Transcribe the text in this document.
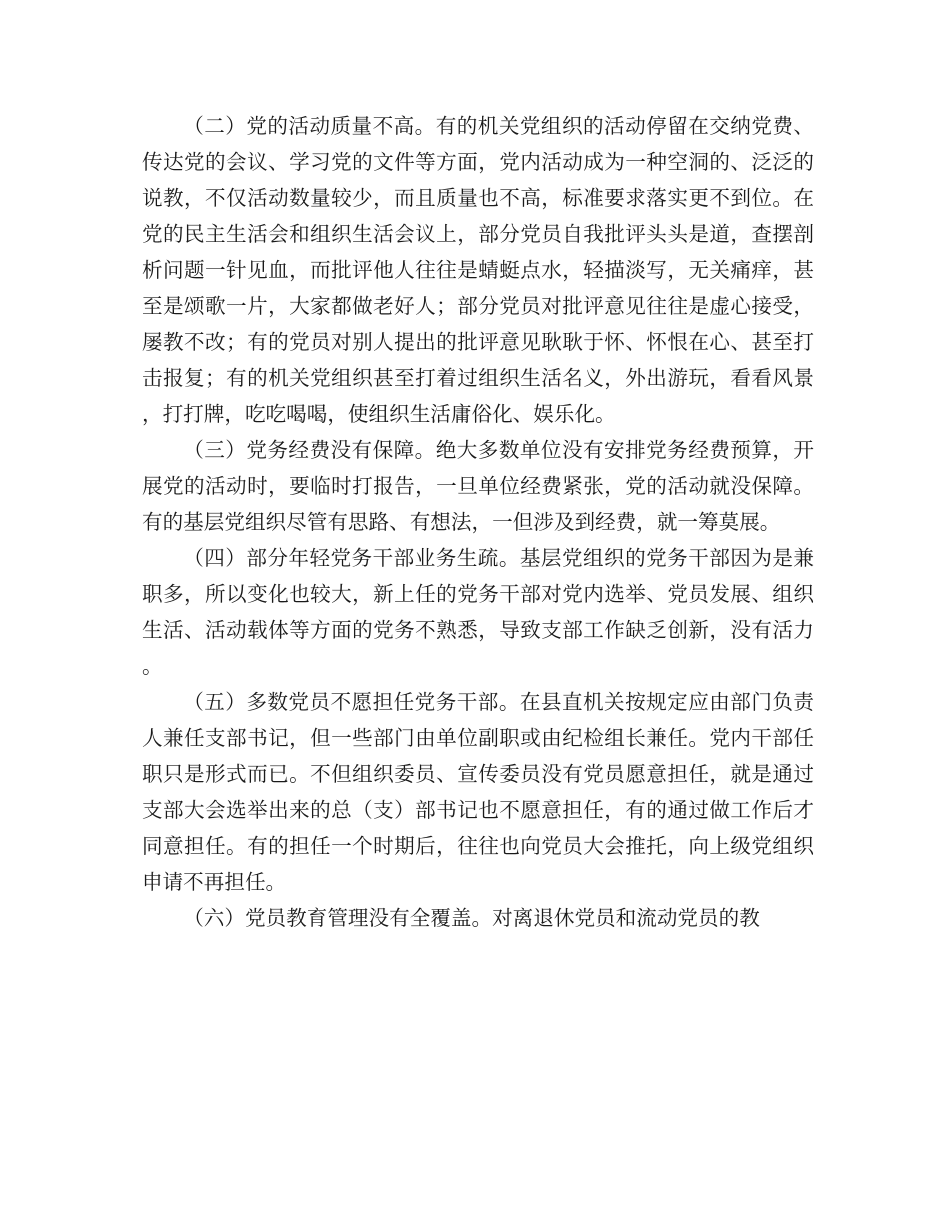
（二）党的活动质量不高。有的机关党组织的活动停留在交纳党费、传达党的会议、学习党的文件等方面，党内活动成为一种空洞的、泛泛的说教，不仅活动数量较少，而且质量也不高，标准要求落实更不到位。在党的民主生活会和组织生活会议上，部分党员自我批评头头是道，查摆剖析问题一针见血，而批评他人往往是蜻蜓点水，轻描淡写，无关痛痒，甚至是颂歌一片，大家都做老好人；部分党员对批评意见往往是虚心接受，屡教不改；有的党员对别人提出的批评意见耿耿于怀、怀恨在心、甚至打击报复；有的机关党组织甚至打着过组织生活名义，外出游玩，看看风景，打打牌，吃吃喝喝，使组织生活庸俗化、娱乐化。

（三）党务经费没有保障。绝大多数单位没有安排党务经费预算，开展党的活动时，要临时打报告，一旦单位经费紧张，党的活动就没保障。有的基层党组织尽管有思路、有想法，一但涉及到经费，就一筹莫展。

（四）部分年轻党务干部业务生疏。基层党组织的党务干部因为是兼职多，所以变化也较大，新上任的党务干部对党内选举、党员发展、组织生活、活动载体等方面的党务不熟悉，导致支部工作缺乏创新，没有活力。

（五）多数党员不愿担任党务干部。在县直机关按规定应由部门负责人兼任支部书记，但一些部门由单位副职或由纪检组长兼任。党内干部任职只是形式而已。不但组织委员、宣传委员没有党员愿意担任，就是通过支部大会选举出来的总（支）部书记也不愿意担任，有的通过做工作后才同意担任。有的担任一个时期后，往往也向党员大会推托，向上级党组织申请不再担任。

（六）党员教育管理没有全覆盖。对离退休党员和流动党员的教
